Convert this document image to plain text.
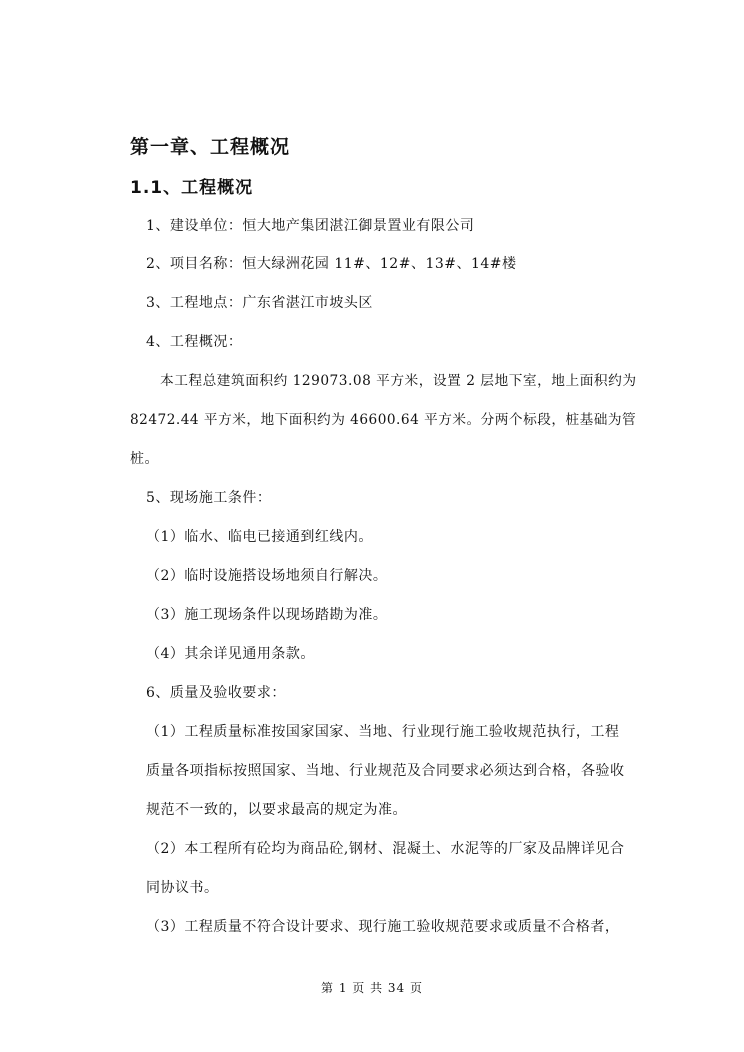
第一章、工程概况
1.1、工程概况
1、建设单位：恒大地产集团湛江御景置业有限公司
2、项目名称：恒大绿洲花园 11#、12#、13#、14#楼
3、工程地点：广东省湛江市坡头区
4、工程概况：
本工程总建筑面积约 129073.08 平方米，设置 2 层地下室，地上面积约为
82472.44 平方米，地下面积约为 46600.64 平方米。分两个标段，桩基础为管
桩。
5、现场施工条件：
（1）临水、临电已接通到红线内。
（2）临时设施搭设场地须自行解决。
（3）施工现场条件以现场踏勘为准。
（4）其余详见通用条款。
6、质量及验收要求：
（1）工程质量标准按国家国家、当地、行业现行施工验收规范执行，工程
质量各项指标按照国家、当地、行业规范及合同要求必须达到合格，各验收
规范不一致的，以要求最高的规定为准。
（2）本工程所有砼均为商品砼,钢材、混凝土、水泥等的厂家及品牌详见合
同协议书。
（3）工程质量不符合设计要求、现行施工验收规范要求或质量不合格者，
第 1 页 共 34 页
